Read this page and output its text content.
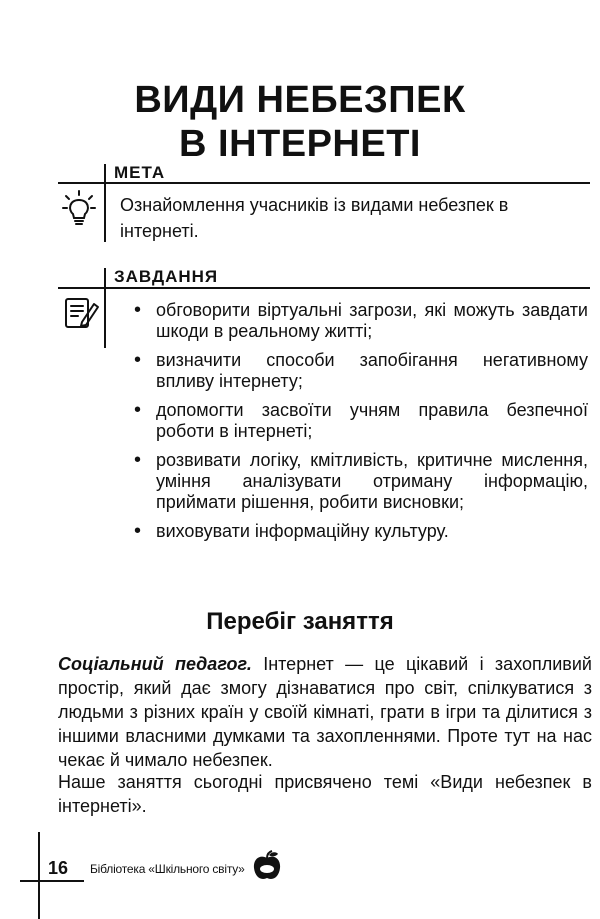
ВИДИ НЕБЕЗПЕК
В ІНТЕРНЕТІ
МЕТА
Ознайомлення учасників із видами небезпек в інтернеті.
ЗАВДАННЯ
• обговорити віртуальні загрози, які можуть завдати шкоди в реальному житті;
• визначити способи запобігання негативному впливу інтернету;
• допомогти засвоїти учням правила безпечної роботи в інтернеті;
• розвивати логіку, кмітливість, критичне мислення, уміння аналізувати отриману інформацію, приймати рішення, робити висновки;
• виховувати інформаційну культуру.
Перебіг заняття
Соціальний педагог. Інтернет — це цікавий і захопливий простір, який дає змогу дізнаватися про світ, спілкуватися з людьми з різних країн у своїй кімнаті, грати в ігри та ділитися з іншими власними думками та захопленнями. Проте тут на нас чекає й чимало небезпек.
Наше заняття сьогодні присвячено темі «Види небезпек в інтернеті».
16	Бібліотека «Шкільного світу»
